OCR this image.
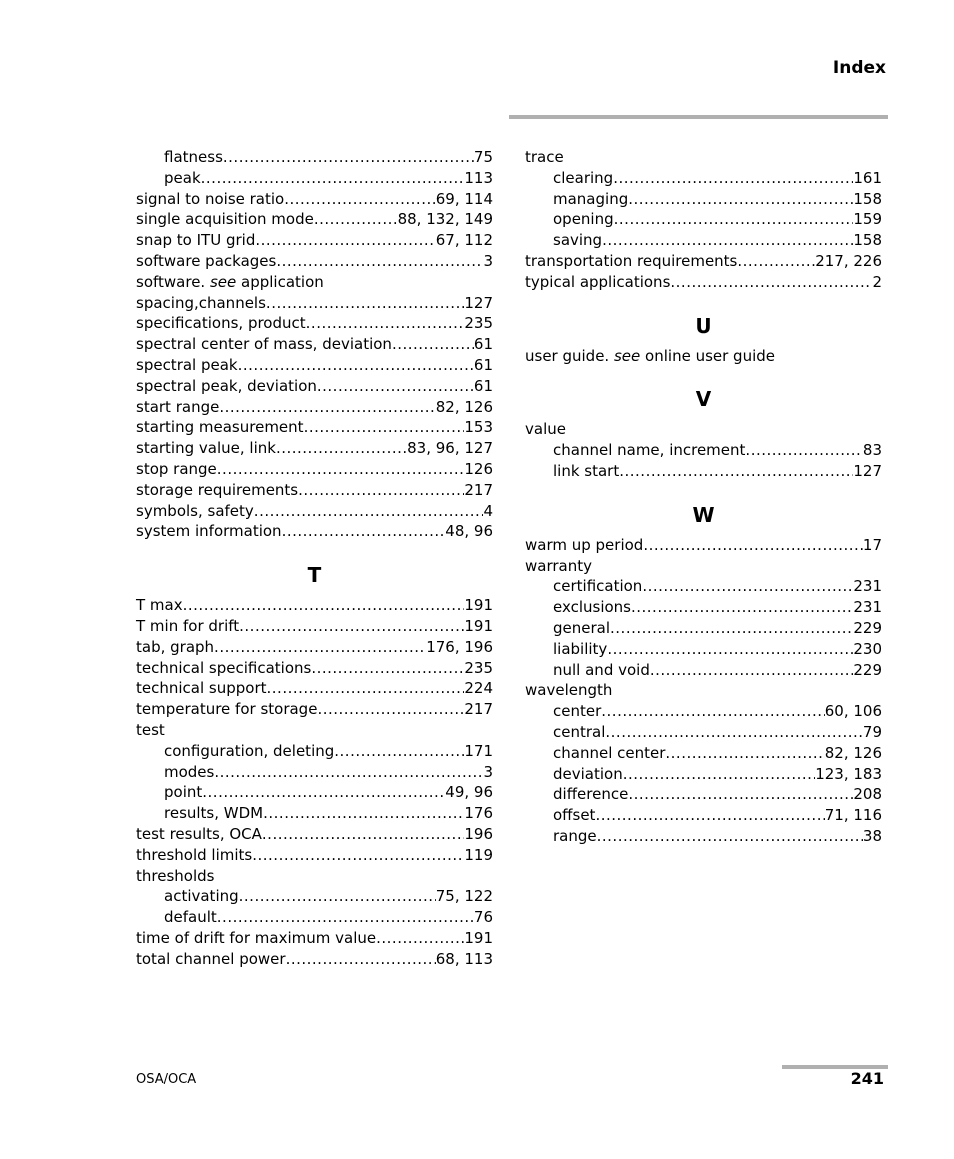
Index
flatness .....	75
peak .....	113
signal to noise ratio .....	69, 114
single acquisition mode .....	88, 132, 149
snap to ITU grid .....	67, 112
software packages .....	3
software.
see
application
spacing,channels .....	127
specifications, product .....	235
spectral center of mass, deviation .....	61
spectral peak .....	61
spectral peak, deviation .....	61
start range .....	82, 126
starting measurement .....	153
starting value, link .....	83, 96, 127
stop range .....	126
storage requirements .....	217
symbols, safety .....	4
system information .....	48, 96
T
T max .....	191
T min for drift .....	191
tab, graph .....	176, 196
technical specifications .....	235
technical support .....	224
temperature for storage .....	217
test
configuration, deleting .....	171
modes .....	3
point .....	49, 96
results, WDM .....	176
test results, OCA .....	196
threshold limits .....	119
thresholds
activating .....	75, 122
default .....	76
time of drift for maximum value .....	191
total channel power .....	68, 113
trace
clearing .....	161
managing .....	158
opening .....	159
saving .....	158
transportation requirements .....	217, 226
typical applications .....	2
U
user guide.
see
online user guide
V
value
channel name, increment .....	83
link start .....	127
W
warm up period .....	17
warranty
certification .....	231
exclusions .....	231
general .....	229
liability .....	230
null and void .....	229
wavelength
center .....	60, 106
central .....	79
channel center .....	82, 126
deviation .....	123, 183
difference .....	208
offset .....	71, 116
range .....	38
OSA/OCA	241
